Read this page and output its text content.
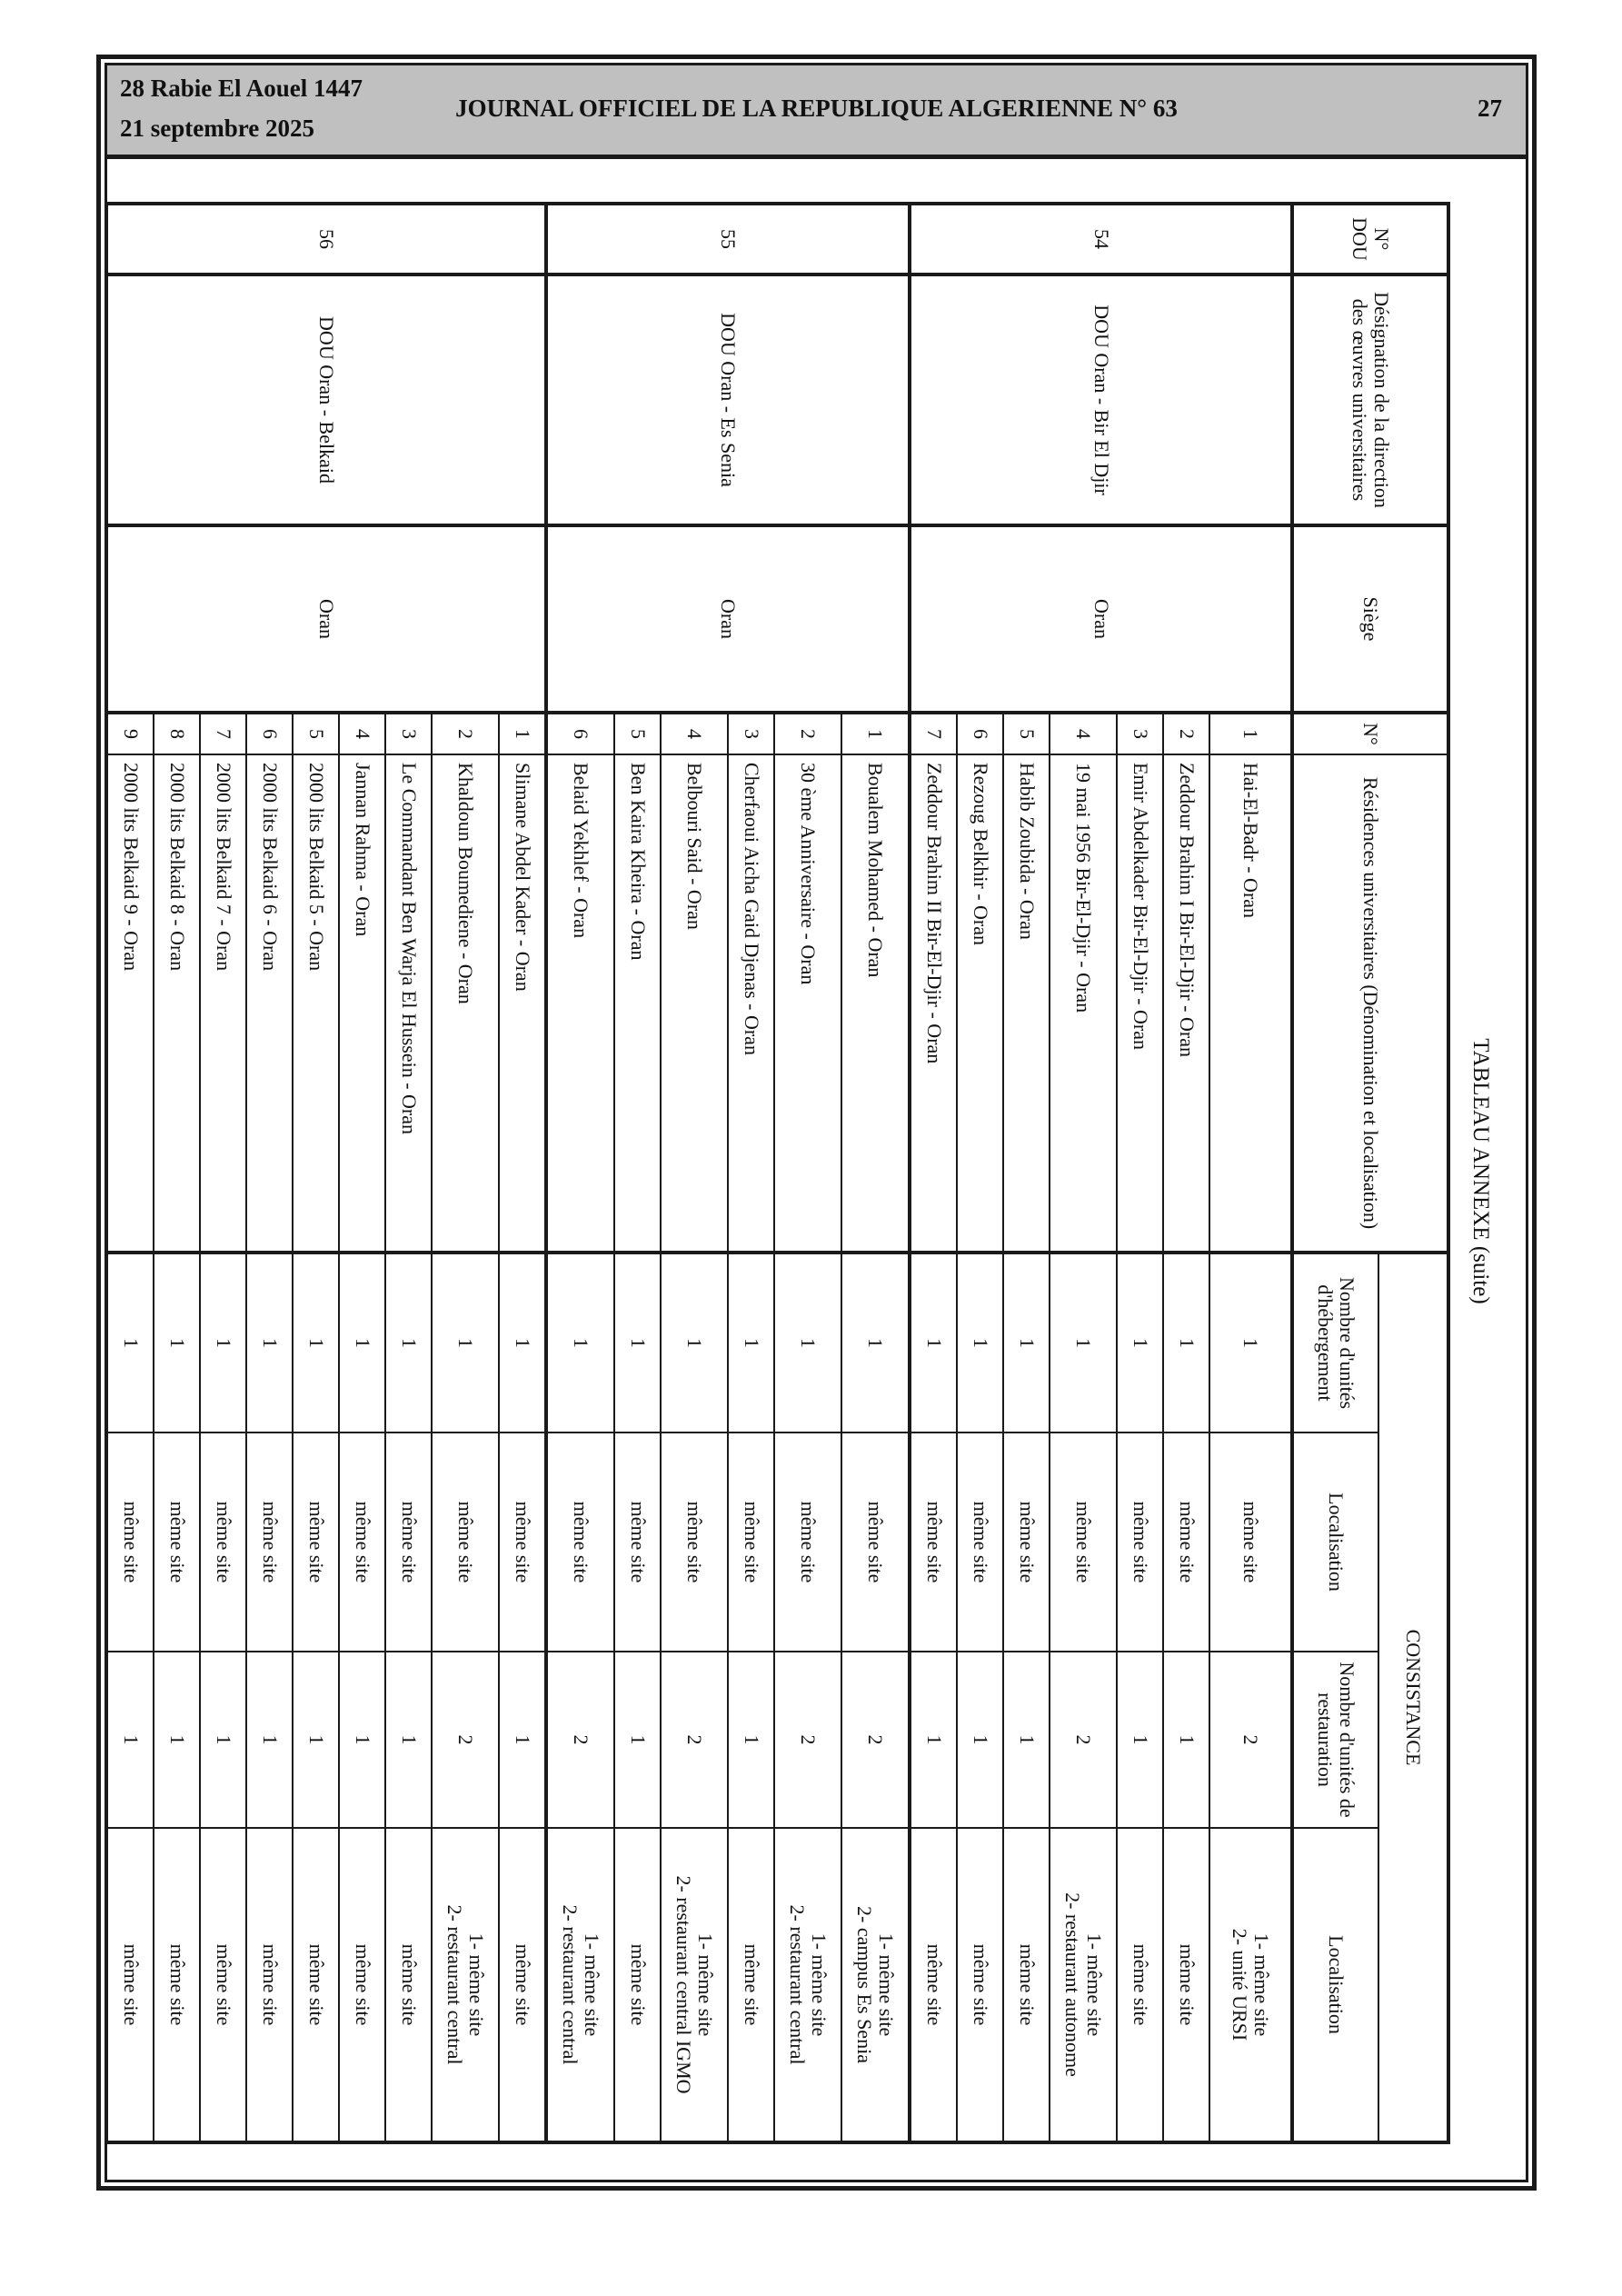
28 Rabie El Aouel 1447
21 septembre 2025
JOURNAL OFFICIEL DE LA REPUBLIQUE ALGERIENNE N° 63	27
TABLEAU ANNEXE (suite)
N° DOU	Désignation de la direction des œuvres universitaires	Siège	N°	Résidences universitaires (Dénomination et localisation)	CONSISTANCE			
					Nombre d'unités d'hébergement	Localisation	Nombre d'unités de restauration	Localisation
54	DOU Oran - Bir El Djir	Oran	1	Hai-El-Badr - Oran	1	même site	2	1- même site
2- unité URSI

			2	Zeddour Brahim I Bir-El-Djir - Oran	1	même site	1	même site

			3	Emir Abdelkader Bir-El-Djir - Oran	1	même site	1	même site

			4	19 mai 1956 Bir-El-Djir - Oran	1	même site	2	1- même site
2- restaurant autonome

			5	Habib Zoubida - Oran	1	même site	1	même site

			6	Rezoug Belkhir - Oran	1	même site	1	même site

			7	Zeddour Brahim II Bir-El-Djir - Oran	1	même site	1	même site

55	DOU Oran - Es Senia	Oran	1	Boualem Mohamed - Oran	1	même site	2	1- même site
2- campus Es Senia

			2	30 ème Anniversaire - Oran	1	même site	2	1- même site
2- restaurant central

			3	Cherfaoui Aicha Gaid Djenas - Oran	1	même site	1	même site

			4	Belbouri Said - Oran	1	même site	2	1- même site
2- restaurant central IGMO

			5	Ben Kaira Kheira - Oran	1	même site	1	même site

			6	Belaid Yekhlef - Oran	1	même site	2	1- même site
2- restaurant central

56	DOU Oran - Belkaid	Oran	1	Slimane Abdel Kader - Oran	1	même site	1	même site

			2	Khaldoun Boumediene - Oran	1	même site	2	1- même site
2- restaurant central

			3	Le Commandant Ben Warja El Hussein - Oran	1	même site	1	même site

			4	Jannan Rahma - Oran	1	même site	1	même site

			5	2000 lits Belkaid 5 - Oran	1	même site	1	même site

			6	2000 lits Belkaid 6 - Oran	1	même site	1	même site

			7	2000 lits Belkaid 7 - Oran	1	même site	1	même site

			8	2000 lits Belkaid 8 - Oran	1	même site	1	même site

			9	2000 lits Belkaid 9 - Oran	1	même site	1	même site
